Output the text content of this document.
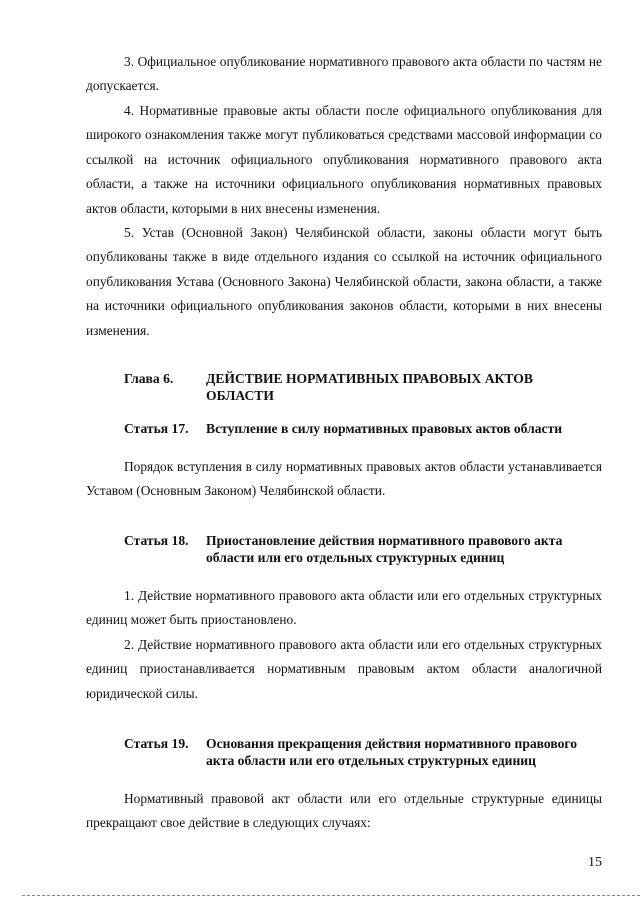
3. Официальное опубликование нормативного правового акта области по частям не допускается.

4. Нормативные правовые акты области после официального опубликования для широкого ознакомления также могут публиковаться средствами массовой информации со ссылкой на источник официального опубликования нормативного правового акта области, а также на источники официального опубликования нормативных правовых актов области, которыми в них внесены изменения.

5. Устав (Основной Закон) Челябинской области, законы области могут быть опубликованы также в виде отдельного издания со ссылкой на источник официального опубликования Устава (Основного Закона) Челябинской области, закона области, а также на источники официального опубликования законов области, которыми в них внесены изменения.

Глава 6. ДЕЙСТВИЕ НОРМАТИВНЫХ ПРАВОВЫХ АКТОВ ОБЛАСТИ
Статья 17. Вступление в силу нормативных правовых актов области

Порядок вступления в силу нормативных правовых актов области устанавливается Уставом (Основным Законом) Челябинской области.

Статья 18. Приостановление действия нормативного правового акта области или его отдельных структурных единиц

1. Действие нормативного правового акта области или его отдельных структурных единиц может быть приостановлено.

2. Действие нормативного правового акта области или его отдельных структурных единиц приостанавливается нормативным правовым актом области аналогичной юридической силы.

Статья 19. Основания прекращения действия нормативного правового акта области или его отдельных структурных единиц

Нормативный правовой акт области или его отдельные структурные единицы прекращают свое действие в следующих случаях:

15
